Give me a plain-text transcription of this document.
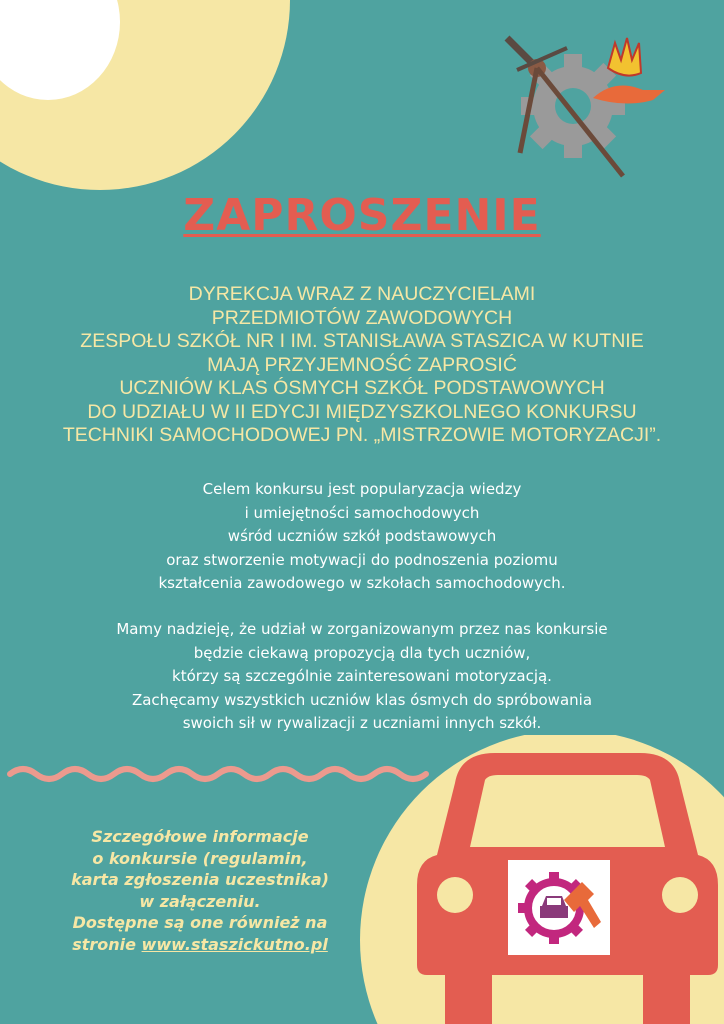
ZAPROSZENIE
DYREKCJA WRAZ Z NAUCZYCIELAMI
PRZEDMIOTÓW ZAWODOWYCH
ZESPOŁU SZKÓŁ NR I IM. STANISŁAWA STASZICA W KUTNIE
MAJĄ PRZYJEMNOŚĆ ZAPROSIĆ
UCZNIÓW KLAS ÓSMYCH SZKÓŁ PODSTAWOWYCH
DO UDZIAŁU W II EDYCJI MIĘDZYSZKOLNEGO KONKURSU
TECHNIKI SAMOCHODOWEJ PN. „MISTRZOWIE MOTORYZACJI”.
Celem konkursu jest popularyzacja wiedzy
i umiejętności samochodowych
wśród uczniów szkół podstawowych
oraz stworzenie motywacji do podnoszenia poziomu
kształcenia zawodowego w szkołach samochodowych.
Mamy nadzieję, że udział w zorganizowanym przez nas konkursie
będzie ciekawą propozycją dla tych uczniów,
którzy są szczególnie zainteresowani motoryzacją.
Zachęcamy wszystkich uczniów klas ósmych do spróbowania
swoich sił w rywalizacji z uczniami innych szkół.
Szczegółowe informacje
o konkursie (regulamin,
karta zgłoszenia uczestnika)
w załączeniu.
Dostępne są one również na
stronie www.staszickutno.pl
